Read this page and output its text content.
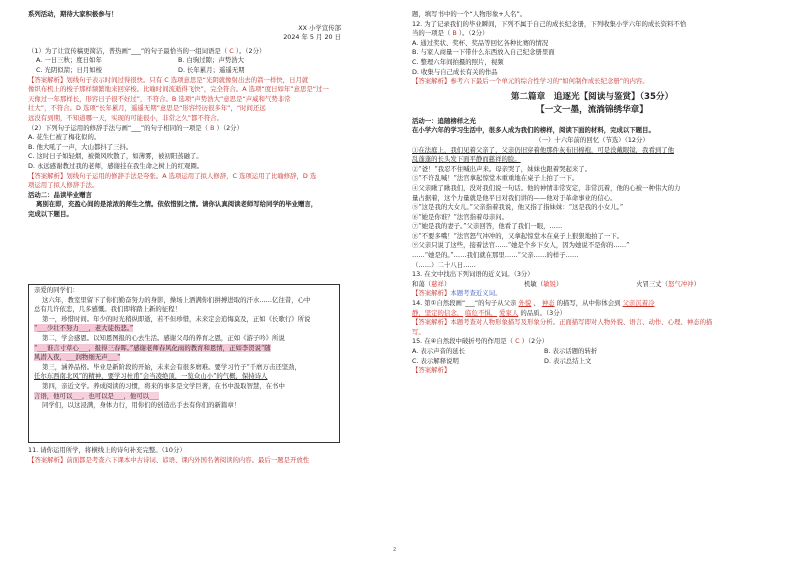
系列活动，期待大家积极参与！
XX 小学宣传部
2024 年 5 月 20 日
（1）为了让宣传稿更简洁，普热画“___”的句子最恰当的一组词语是（ C ）。（2分）
A. 一日三秋；度日如年	B. 白驹过隙；声势浩大
C. 光阴似箭；日月如梭	D. 长年累月；遥遥无期
【答案解析】划线句子表示时间过得很快。只有 C 选项意思是“光阴就像射出去的箭一样快，日月就
像织布机上的梭子那样频繁地来回穿梭。比喻时间流逝得飞快”，完全符合。A 选项“度日如年”意思是“过一
天像过一年那样长，形容日子很不好过”，不符合。B 选项“声势浩大”意思是“声威和气势非常
壮大”，不符合。D 选项“长年累月，遥遥无期”意思是“形容经历很多年”，“时间还远
远没有到期，不知道哪一天，实现的可能很小，非常之久”都不符合。
（2）下列句子运用的修辞手法与画“___”的句子相同的一项是（ B ）（2分）
A. 花生仁被了梅花似的。
B. 他大吼了一声，大山都抖了三抖。
C. 这时日子如轻烟，被微风吹散了，如薄雾，被初阳蒸融了。
D. 永远感谢教过我的老师，感谢挂在我生命之树上的红观圈。
【答案解析】划线句子运用的修辞手法是夸张。A 选项运用了拟人修辞，C 选项运用了比喻修辞，D 选
项运用了拟人修辞手法。
活动二：品读毕业赠言
离别在即，充盈心间的是浓浓的师生之情。依依惜别之情。请你认真阅读老师写给同学的毕业赠言，
完成以下题目。
亲爱的同学们：
这六年，教室里留下了你们勤奋努力的身影，操场上洒满你们拼搏进取的汗水……亿往昔，心中
总有几许依恋，几多感慨。我们即将踏上新的征程！
第一，珍惜时间。年少的时光稍纵即逝，若不但珍惜，未来定会追悔莫及，正如《长歌行》所说
“___少壮不努力___，老大徒伤悲。”
第二，学会感恩。以知恩图报的心去生活。感谢父母的养育之恩，正如《游子吟》所说
“___谁言寸草心___，报得三春晖。”感谢老师春风化雨的教育和恩情，正如李贺说“随
风潜入夜，___润物细无声___”
第三，涵养品格。毕业是新阶段的开始，未来会有很多磨难。要学习竹子“千磨万击还坚劲，
任尔东西南北风”的精神，要学习杜甫“会当凌绝顶，一览众山小”的气概，保持诗人
第四，亲近文学。养成阅读的习惯，将来的事多是文学巨著，在书中汲取智慧，在书中
言语，他可以___，也可以是___，他可以___
同学们，以这浸满，身体力行，用你们的创造出手去有你们的新篇章！
11. 请你运用所学，将横线上的诗句补充完整。（10分）
【答案解析】前面都是考查六下课本中古诗词、谚语、课内外国名著阅读的内容。最后一题是开放性
题，填写书中的一个“人物形象+人名”。
12. 为了记录我们的毕业瞬间，下列不属于自己的成长纪念册，下列收集小学六年的成长资料不恰
当的一项是（ B ）。（2分）
A. 通过奖状、奖杯、奖品等回忆各种比赛的情况
B. 与家人商量一下带什么东西放入自己纪念册里面
C. 整理六年间拍摄的照片，视频
D. 收集与自己成长有关的作品
【答案解析】参考六下最后一个单元的综合性学习的“如何制作成长纪念册”的内容。
第二篇章　追逐光【阅读与鉴赏】（35分）
【一文一墨，流淌锦绣华章】
活动一：追随榜样之光
在小学六年的学习生活中，很多人成为我们的榜样，阅读下面的材料，完成以下题目。
（一）十六年前的回忆（节选）（12分）
①在法庭上，我们见着父亲了，父亲仍旧穿着他那件灰布旧棉袍，可是没戴眼镜，我看到了他
乱蓬蓬的长头发下面平静而慈祥的脸。
②“爸！”我忍不住喊出声来。母亲哭了，妹妹也跟着哭起来了。
③“不许乱喊！”法官拿起惊堂木重重地在桌子上拍了一下。
④父亲瞅了瞅我们，没对我们说一句话。他的神情非常安定，非常沉着，他的心被一种伟大的力
量占据着，这个力量就是他平日对我们讲的——他对于革命事业的信心。
⑤“这是我的大女儿。”父亲指着我说，他又指了指妹妹：“这是我的小女儿。”
⑥“她是你谁？”法官指着母亲问。
⑦“她是我的妻子。”父亲回答，他看了我们一眼，……
⑧“不要多嘴！”法官怒气冲冲的，又拿起惊堂木在桌子上狠狠地拍了一下。
⑨父亲只说了这些，接着法官……“她是个乡下女人，因为她说不是你的……”
……“她是的。”……我们就在那里……“父亲……的样子……
（……）二十八日……
13. 在文中找出下列词语的近义词。（3分）
和蔼（慈祥）	机敏（敏锐）	火冒三丈（怒气冲冲）
【答案解析】本题考查近义词。
14. 第①自然段画“___”的句子从父亲 外貌 、 神态 的描写，从中你体会到 父亲沉着冷
静，坚定的信念， 临危不惧， 爱家人 的品质。（3分）
【答案解析】本题考查对人物形象描写及形象分析。正面描写即对人物外貌、语言、动作、心理、神态的描
写。
15. 在④自然段中破折号的作用是（ C ）（2分）
A. 表示声音的延长	B. 表示话题的转折
C. 表示解释说明	D. 表示总结上文
【答案解析】
2
